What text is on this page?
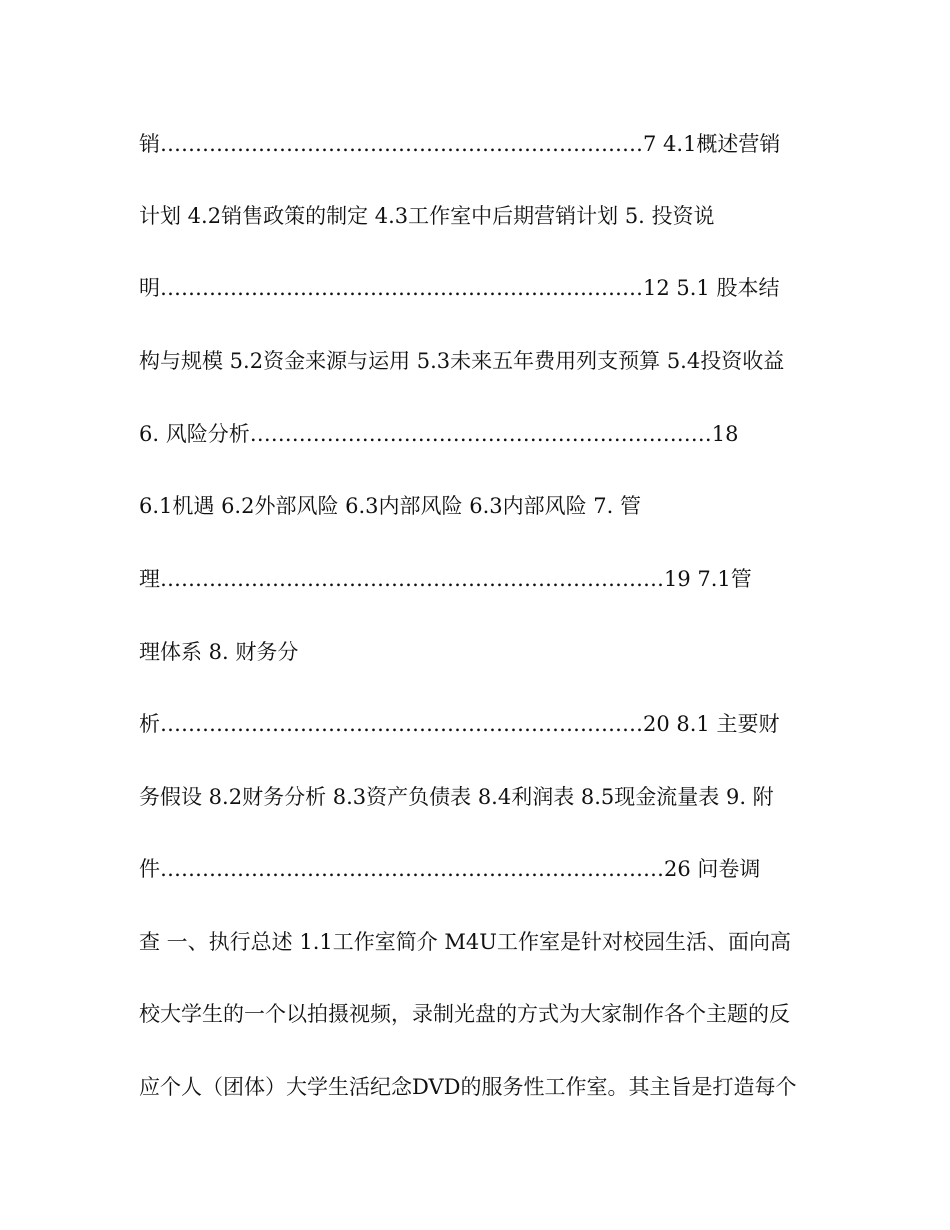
销……………………………………………………………7 4.1概述营销
计划 4.2销售政策的制定 4.3工作室中后期营销计划 5. 投资说
明……………………………………………………………12 5.1 股本结
构与规模 5.2资金来源与运用 5.3未来五年费用列支预算 5.4投资收益
6. 风险分析…………………………………………………………18
6.1机遇 6.2外部风险 6.3内部风险 6.3内部风险 7. 管
理………………………………………………………………19 7.1管
理体系 8. 财务分
析……………………………………………………………20 8.1 主要财
务假设 8.2财务分析 8.3资产负债表 8.4利润表 8.5现金流量表 9. 附
件………………………………………………………………26 问卷调
查 一、执行总述 1.1工作室简介 M4U工作室是针对校园生活、面向高
校大学生的一个以拍摄视频，录制光盘的方式为大家制作各个主题的反
应个人（团体）大学生活纪念DVD的服务性工作室。其主旨是打造每个
